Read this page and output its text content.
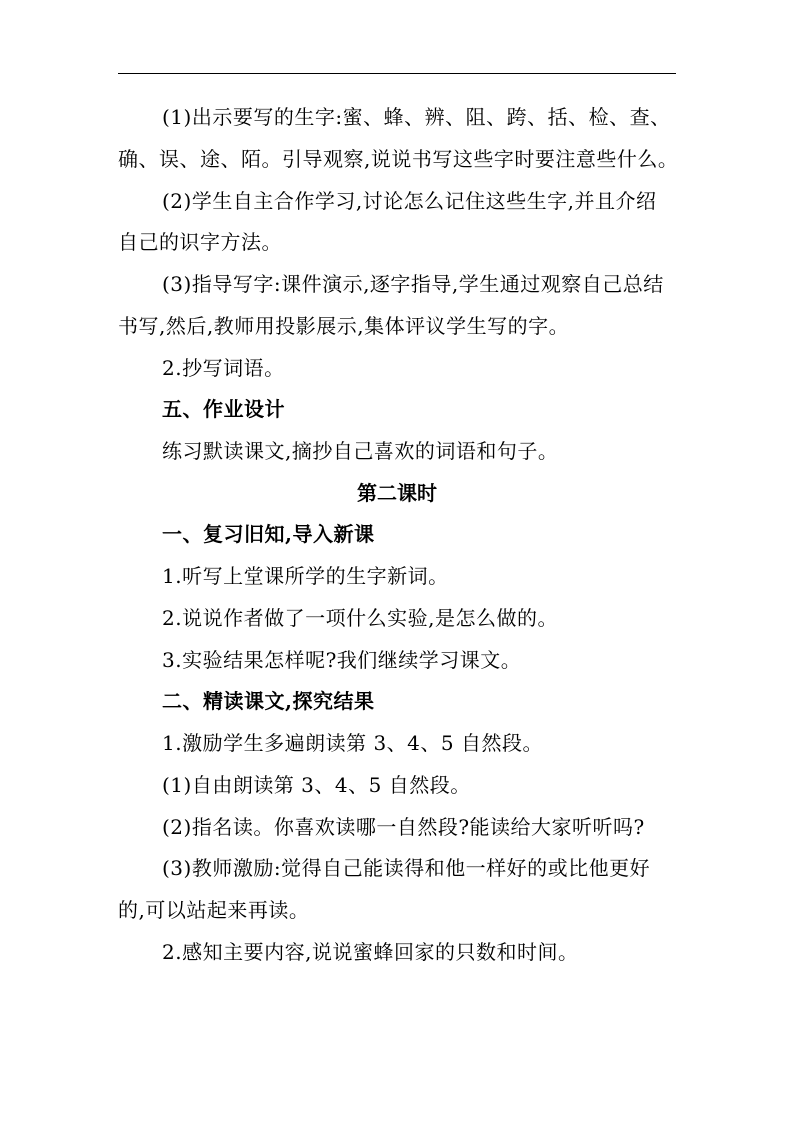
(1)出示要写的生字:蜜、蜂、辨、阻、跨、括、检、查、
确、误、途、陌。引导观察,说说书写这些字时要注意些什么。
(2)学生自主合作学习,讨论怎么记住这些生字,并且介绍
自己的识字方法。
(3)指导写字:课件演示,逐字指导,学生通过观察自己总结
书写,然后,教师用投影展示,集体评议学生写的字。
2.抄写词语。
五、作业设计
练习默读课文,摘抄自己喜欢的词语和句子。
第二课时
一、复习旧知,导入新课
1.听写上堂课所学的生字新词。
2.说说作者做了一项什么实验,是怎么做的。
3.实验结果怎样呢?我们继续学习课文。
二、精读课文,探究结果
1.激励学生多遍朗读第 3、4、5 自然段。
(1)自由朗读第 3、4、5 自然段。
(2)指名读。你喜欢读哪一自然段?能读给大家听听吗?
(3)教师激励:觉得自己能读得和他一样好的或比他更好
的,可以站起来再读。
2.感知主要内容,说说蜜蜂回家的只数和时间。
